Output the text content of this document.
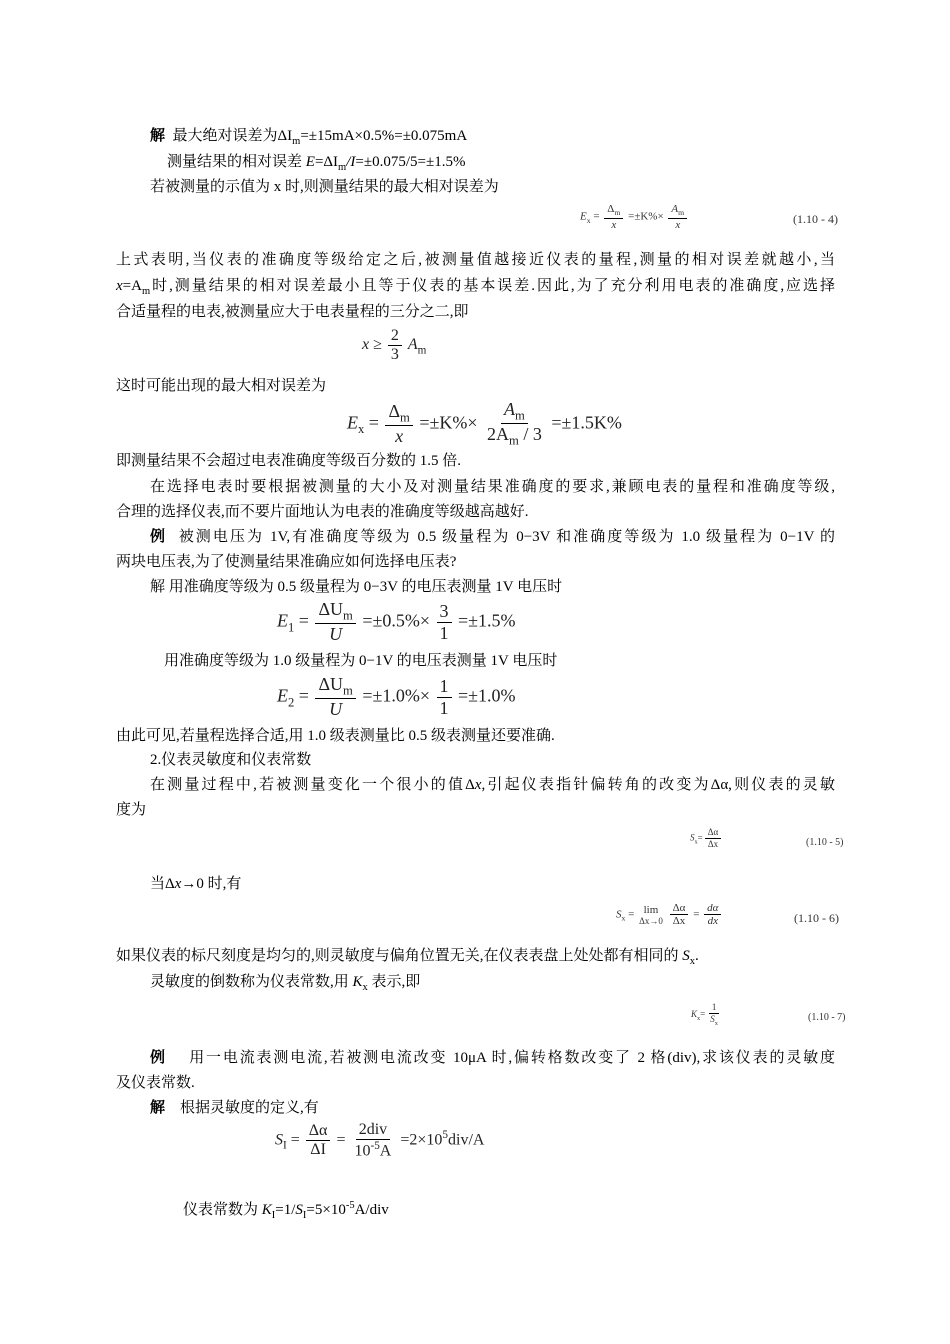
解 最大绝对误差为$\Delta I_m=\pm 15mA\times 0.5\%=\pm 0.075mA$
测量结果的相对误差 $E=\Delta I_m/I=\pm 0.075/5=\pm 1.5\%$
若被测量的示值为 x 时,则测量结果的最大相对误差为
$E_x = \frac{\Delta_m}{x} =\pm K\%\times \frac{A_m}{x}$	(1.10 - 4)
上式表明,当仪表的准确度等级给定之后,被测量值越接近仪表的量程,测量的相对误差就越小,当
$x=A_m$时,测量结果的相对误差最小且等于仪表的基本误差.因此,为了充分利用电表的准确度,应选择
合适量程的电表,被测量应大于电表量程的三分之二,即
$x \ge \frac{2}{3} A_m$
这时可能出现的最大相对误差为
$E_x = \frac{\Delta_m}{x} =\pm K\%\times \frac{A_m}{2A_m / 3} =\pm 1.5K\%$
即测量结果不会超过电表准确度等级百分数的 1.5 倍.
在选择电表时要根据被测量的大小及对测量结果准确度的要求,兼顾电表的量程和准确度等级,
合理的选择仪表,而不要片面地认为电表的准确度等级越高越好.
例 被测电压为 1V,有准确度等级为 0.5 级量程为 0−3V 和准确度等级为 1.0 级量程为 0−1V 的
两块电压表,为了使测量结果准确应如何选择电压表?
解 用准确度等级为 0.5 级量程为 0−3V 的电压表测量 1V 电压时
$E_1 = \frac{\Delta U_m}{U} =\pm 0.5\%\times \frac{3}{1} =\pm 1.5\%$
用准确度等级为 1.0 级量程为 0−1V 的电压表测量 1V 电压时
$E_2 = \frac{\Delta U_m}{U} =\pm 1.0\%\times \frac{1}{1} =\pm 1.0\%$
由此可见,若量程选择合适,用 1.0 级表测量比 0.5 级表测量还要准确.
2.仪表灵敏度和仪表常数
在测量过程中,若被测量变化一个很小的值Δx,引起仪表指针偏转角的改变为Δα,则仪表的灵敏
度为
$S_x= \frac{\Delta\alpha}{\Delta x}$	(1.10 - 5)
当Δx→0 时,有
$S_x = \lim$
Δx→0
$\frac{\Delta\alpha}{\Delta x} = \frac{d\alpha}{dx}$	(1.10 - 6)
如果仪表的标尺刻度是均匀的,则灵敏度与偏角位置无关,在仪表表盘上处处都有相同的 $S_x$.
灵敏度的倒数称为仪表常数,用 $K_x$ 表示,即
$K_x= \frac{1}{S_x}$	(1.10 - 7)
例 用一电流表测电流,若被测电流改变 10μA 时,偏转格数改变了 2 格(div),求该仪表的灵敏度
及仪表常数.
解 根据灵敏度的定义,有
$S_I = \frac{\Delta\alpha}{\Delta I} = \frac{\text{2div}}{10^{-5}A} =2\times 10^5div/A$
仪表常数为 $K_I=1/S_I=5\times 10^{-5}A$/div
